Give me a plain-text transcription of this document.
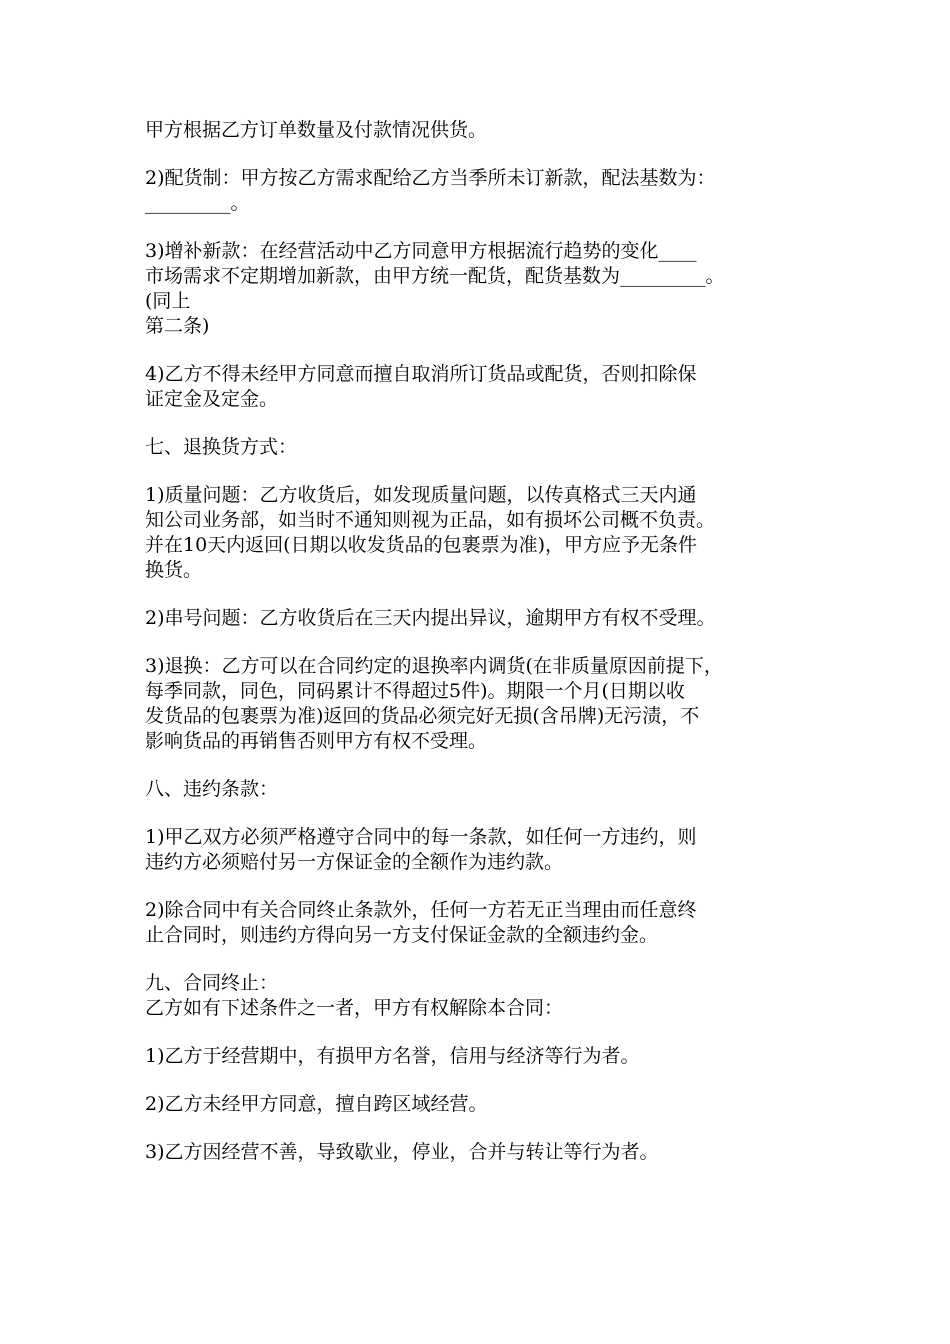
甲方根据乙方订单数量及付款情况供货。
2)配货制：甲方按乙方需求配给乙方当季所未订新款，配法基数为：
_________。
3)增补新款：在经营活动中乙方同意甲方根据流行趋势的变化____
市场需求不定期增加新款，由甲方统一配货，配货基数为_________。
(同上
第二条)
4)乙方不得未经甲方同意而擅自取消所订货品或配货，否则扣除保
证定金及定金。
七、退换货方式：
1)质量问题：乙方收货后，如发现质量问题，以传真格式三天内通
知公司业务部，如当时不通知则视为正品，如有损坏公司概不负责。
并在10天内返回(日期以收发货品的包裹票为准)，甲方应予无条件
换货。
2)串号问题：乙方收货后在三天内提出异议，逾期甲方有权不受理。
3)退换：乙方可以在合同约定的退换率内调货(在非质量原因前提下，
每季同款，同色，同码累计不得超过5件)。期限一个月(日期以收
发货品的包裹票为准)返回的货品必须完好无损(含吊牌)无污渍，不
影响货品的再销售否则甲方有权不受理。
八、违约条款：
1)甲乙双方必须严格遵守合同中的每一条款，如任何一方违约，则
违约方必须赔付另一方保证金的全额作为违约款。
2)除合同中有关合同终止条款外，任何一方若无正当理由而任意终
止合同时，则违约方得向另一方支付保证金款的全额违约金。
九、合同终止：
乙方如有下述条件之一者，甲方有权解除本合同：
1)乙方于经营期中，有损甲方名誉，信用与经济等行为者。
2)乙方未经甲方同意，擅自跨区域经营。
3)乙方因经营不善，导致歇业，停业，合并与转让等行为者。
